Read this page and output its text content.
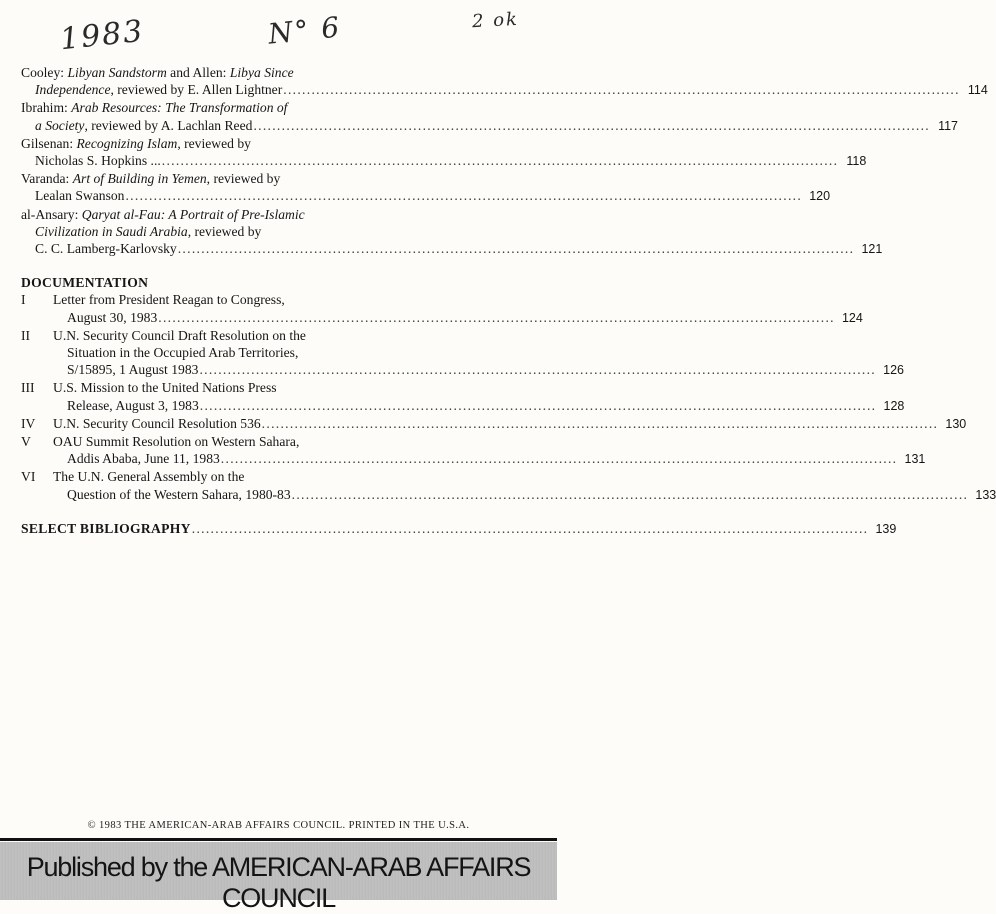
1983	N° 6	2 ok
Cooley: Libyan Sandstorm and Allen: Libya Since
Independence, reviewed by E. Allen Lightner .....	114
Ibrahim: Arab Resources: The Transformation of
a Society, reviewed by A. Lachlan Reed .....	117
Gilsenan: Recognizing Islam, reviewed by
Nicholas S. Hopkins ... .....	118
Varanda: Art of Building in Yemen, reviewed by
Lealan Swanson .....	120
al-Ansary: Qaryat al-Fau: A Portrait of Pre-Islamic
Civilization in Saudi Arabia, reviewed by
C. C. Lamberg-Karlovsky .....	121
DOCUMENTATION
I	Letter from President Reagan to Congress,
August 30, 1983 .....	124
II	U.N. Security Council Draft Resolution on the
Situation in the Occupied Arab Territories,
S/15895, 1 August 1983 .....	126
III	U.S. Mission to the United Nations Press
Release, August 3, 1983 .....	128
IV	U.N. Security Council Resolution 536 .....	130
V	OAU Summit Resolution on Western Sahara,
Addis Ababa, June 11, 1983 .....	131
VI	The U.N. General Assembly on the
Question of the Western Sahara, 1980-83 .....	133
SELECT BIBLIOGRAPHY .....	139
© 1983 THE AMERICAN-ARAB AFFAIRS COUNCIL. PRINTED IN THE U.S.A.
Published by the AMERICAN-ARAB AFFAIRS COUNCIL
